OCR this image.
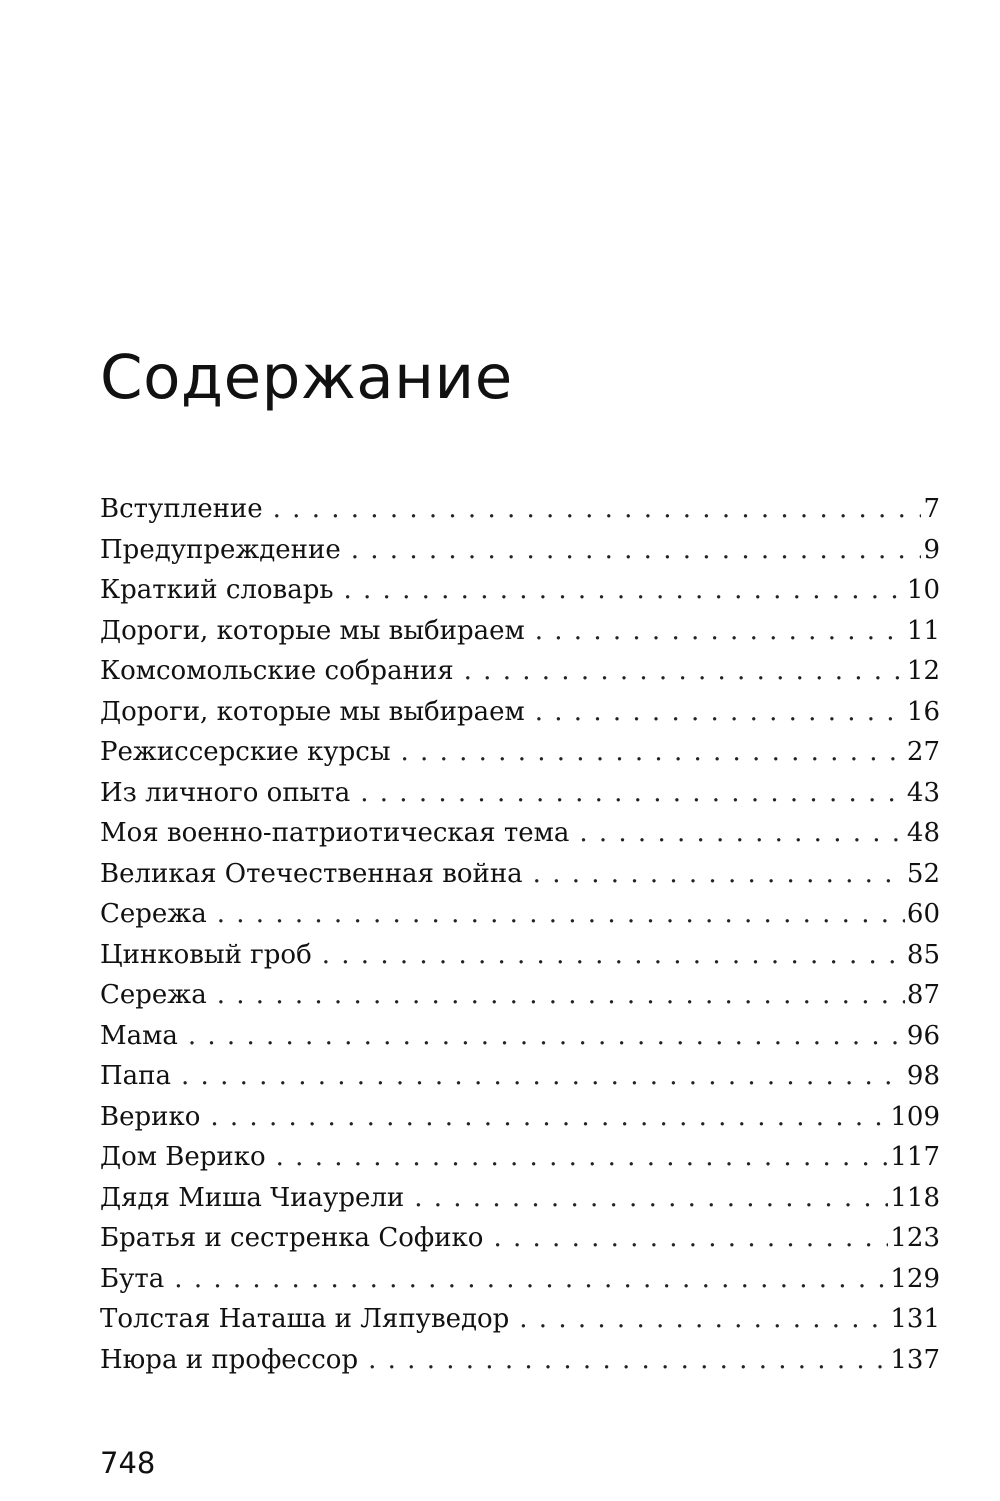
Содержание
Вступление . . .	7
Предупреждение . . .	9
Краткий словарь . . .	10
Дороги, которые мы выбираем . . .	11
Комсомольские собрания . . .	12
Дороги, которые мы выбираем . . .	16
Режиссерские курсы . . .	27
Из личного опыта . . .	43
Моя военно-патриотическая тема . . .	48
Великая Отечественная война . . .	52
Сережа . . .	60
Цинковый гроб . . .	85
Сережа . . .	87
Мама . . .	96
Папа . . .	98
Верико . . .	109
Дом Верико . . .	117
Дядя Миша Чиаурели . . .	118
Братья и сестренка Софико . . .	123
Бута . . .	129
Толстая Наташа и Ляпуведор . . .	131
Нюра и профессор . . .	137
748
